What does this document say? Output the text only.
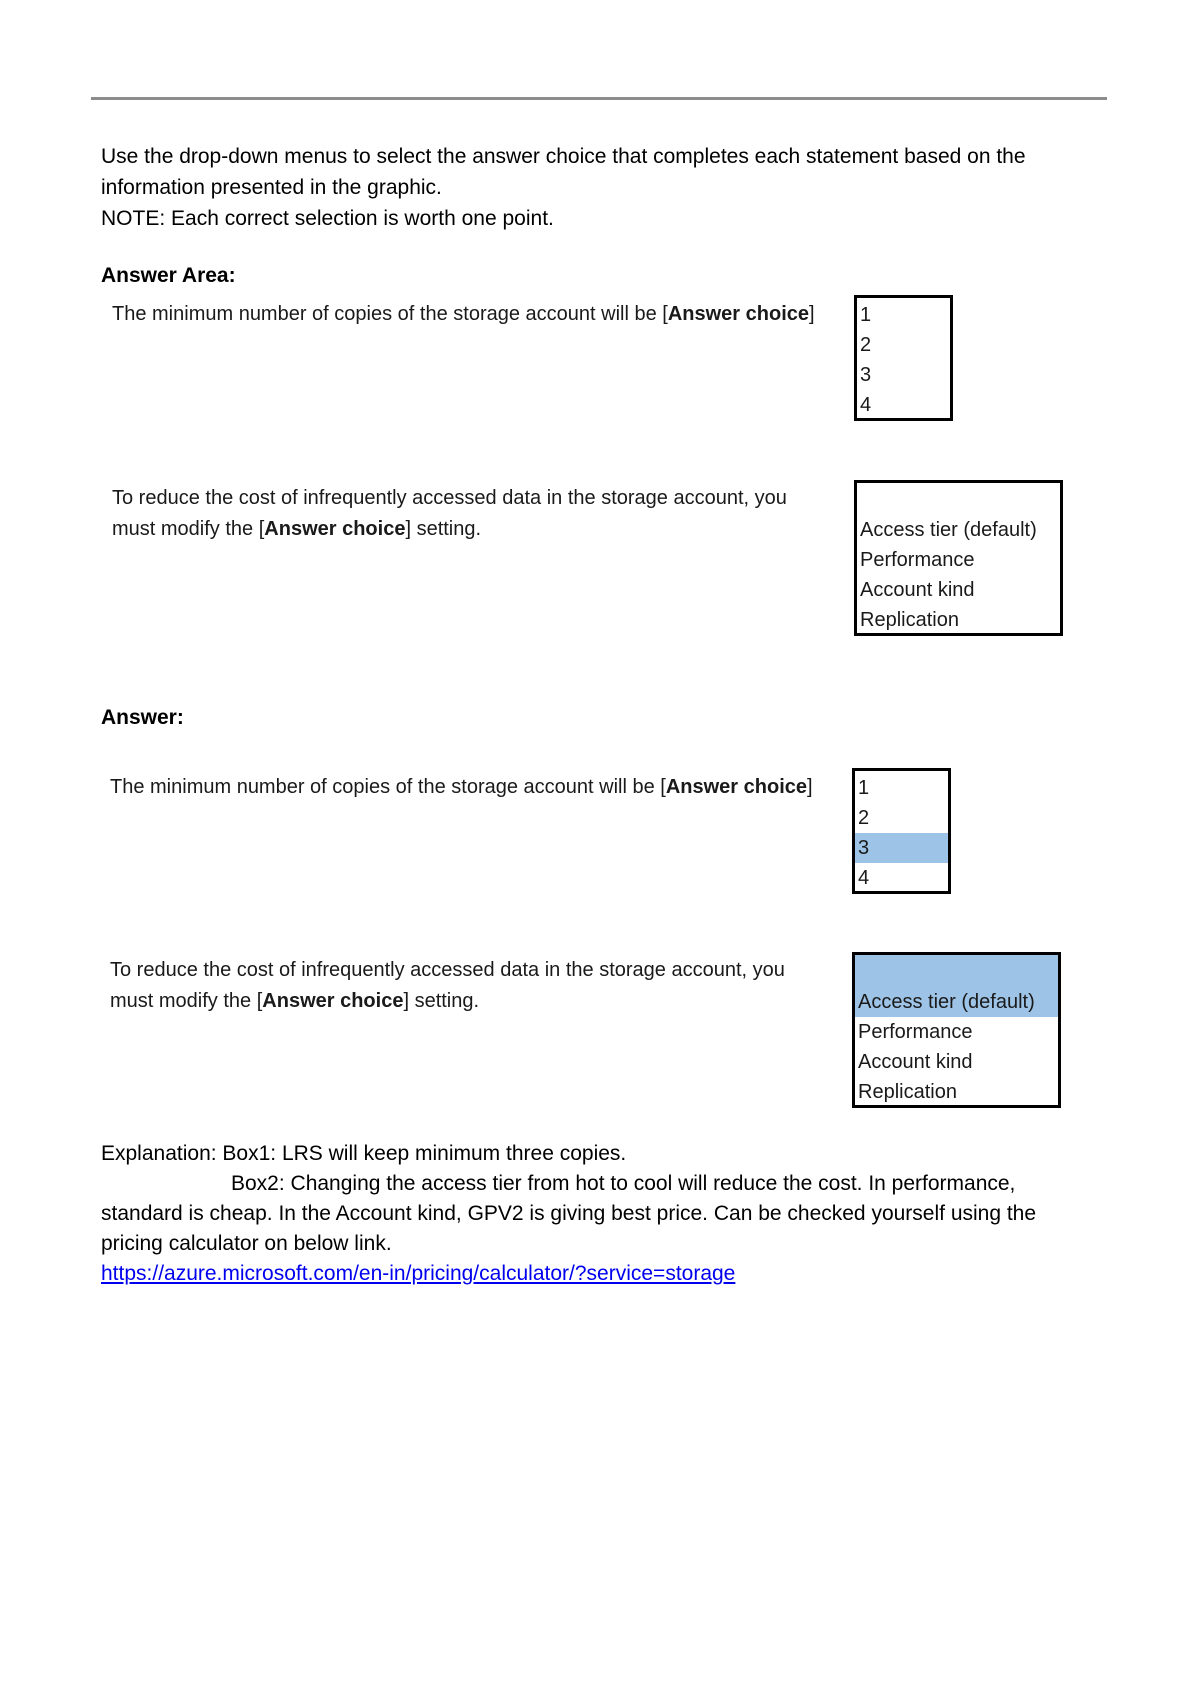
Use the drop-down menus to select the answer choice that completes each statement based on the information presented in the graphic.

NOTE: Each correct selection is worth one point.

Answer Area:
The minimum number of copies of the storage account will be [Answer choice] 1
2
3
4
To reduce the cost of infrequently accessed data in the storage account, you
must modify the [Answer choice] setting.	Access tier (default)
Performance
Account kind
Replication
Answer:
The minimum number of copies of the storage account will be [Answer choice] 1
2
3
4
To reduce the cost of infrequently accessed data in the storage account, you
must modify the [Answer choice] setting.	Access tier (default)
Performance
Account kind
Replication

Explanation: Box1: LRS will keep minimum three copies.

Box2: Changing the access tier from hot to cool will reduce the cost. In performance, standard is cheap. In the Account kind, GPV2 is giving best price. Can be checked yourself using the pricing calculator on below link.

https://azure.microsoft.com/en-in/pricing/calculator/?service=storage
